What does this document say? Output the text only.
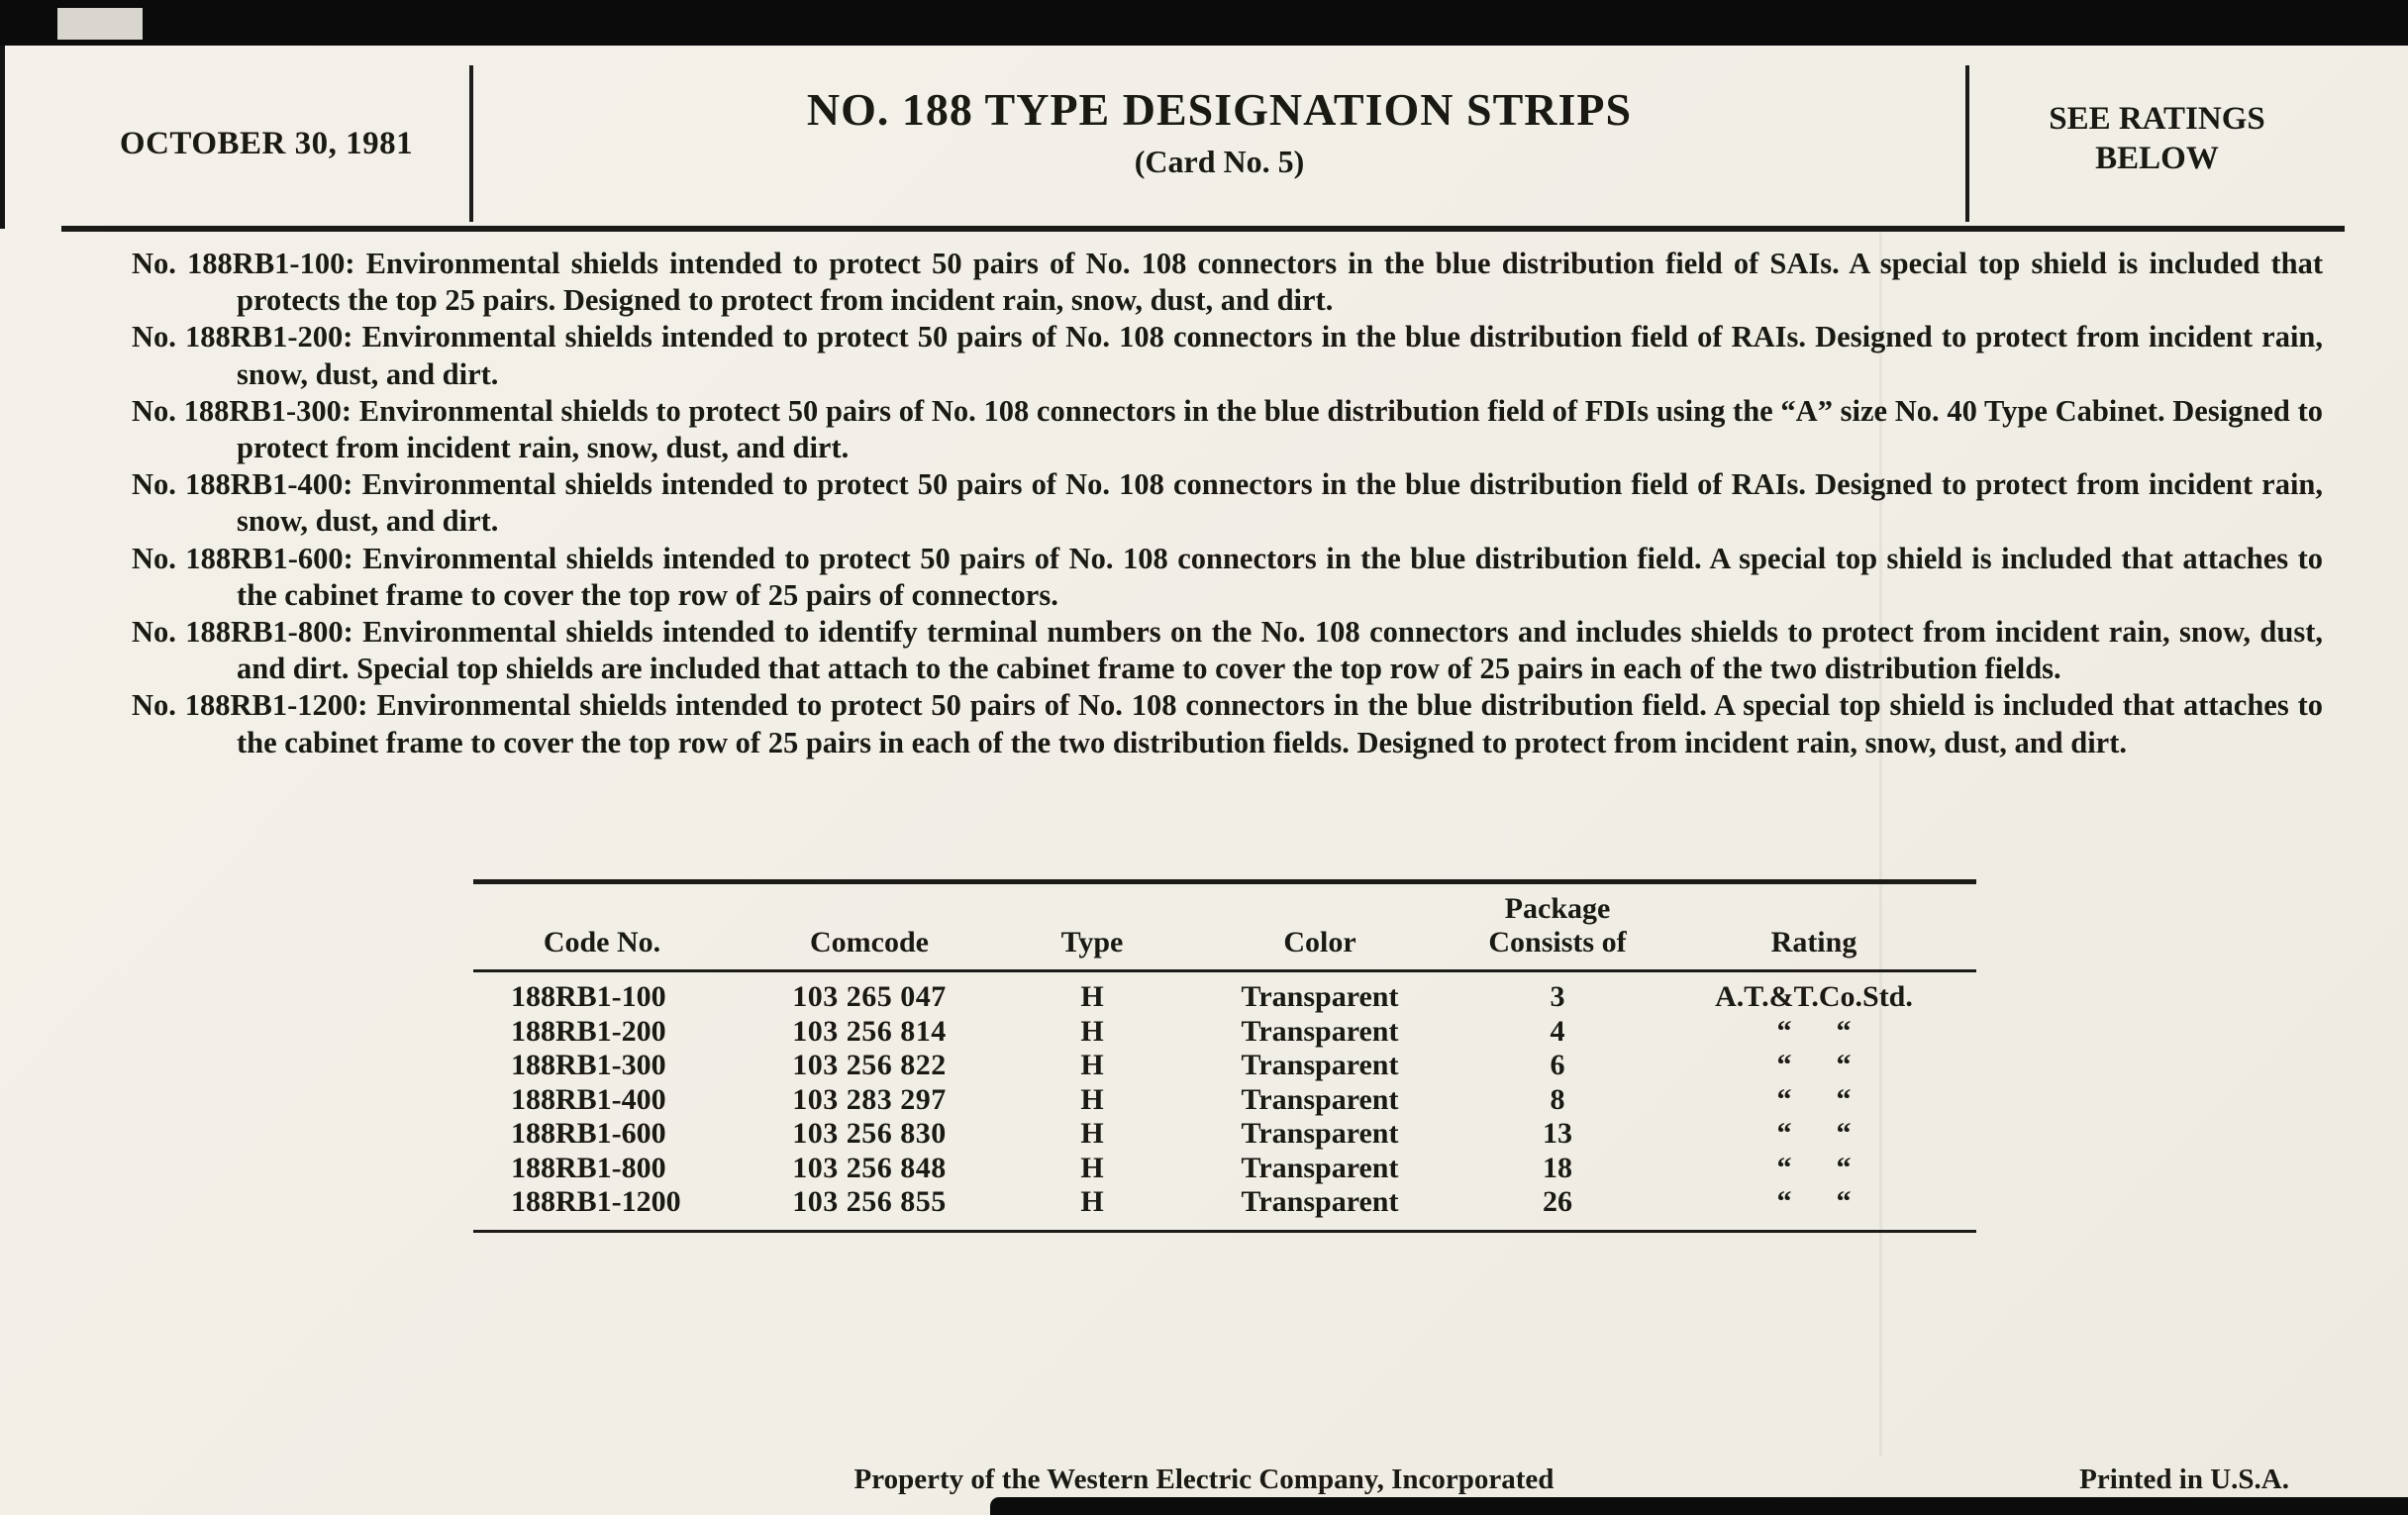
OCTOBER 30, 1981
NO. 188 TYPE DESIGNATION STRIPS
(Card No. 5)
SEE RATINGS
BELOW

No. 188RB1-100: Environmental shields intended to protect 50 pairs of No. 108 connectors in the blue distribution field of SAIs. A special top shield is included that protects the top 25 pairs. Designed to protect from incident rain, snow, dust, and dirt.

No. 188RB1-200: Environmental shields intended to protect 50 pairs of No. 108 connectors in the blue distribution field of RAIs. Designed to protect from incident rain, snow, dust, and dirt.

No. 188RB1-300: Environmental shields to protect 50 pairs of No. 108 connectors in the blue distribution field of FDIs using the “A” size No. 40 Type Cabinet. Designed to protect from incident rain, snow, dust, and dirt.

No. 188RB1-400: Environmental shields intended to protect 50 pairs of No. 108 connectors in the blue distribution field of RAIs. Designed to protect from incident rain, snow, dust, and dirt.

No. 188RB1-600: Environmental shields intended to protect 50 pairs of No. 108 connectors in the blue distribution field. A special top shield is included that attaches to the cabinet frame to cover the top row of 25 pairs of connectors.

No. 188RB1-800: Environmental shields intended to identify terminal numbers on the No. 108 connectors and includes shields to protect from incident rain, snow, dust, and dirt. Special top shields are included that attach to the cabinet frame to cover the top row of 25 pairs in each of the two distribution fields.

No. 188RB1-1200: Environmental shields intended to protect 50 pairs of No. 108 connectors in the blue distribution field. A special top shield is included that attaches to the cabinet frame to cover the top row of 25 pairs in each of the two distribution fields. Designed to protect from incident rain, snow, dust, and dirt.

Code No.	Comcode	Type	Color
Package
Consists of	Rating
188RB1-100	103 265 047	H	Transparent	3	A.T.&T.Co.Std.
188RB1-200	103 256 814	H	Transparent	4	“      “
188RB1-300	103 256 822	H	Transparent	6	“      “
188RB1-400	103 283 297	H	Transparent	8	“      “
188RB1-600	103 256 830	H	Transparent	13	“      “
188RB1-800	103 256 848	H	Transparent	18	“      “
188RB1-1200	103 256 855	H	Transparent	26	“      “
Property of the Western Electric Company, Incorporated	Printed in U.S.A.
